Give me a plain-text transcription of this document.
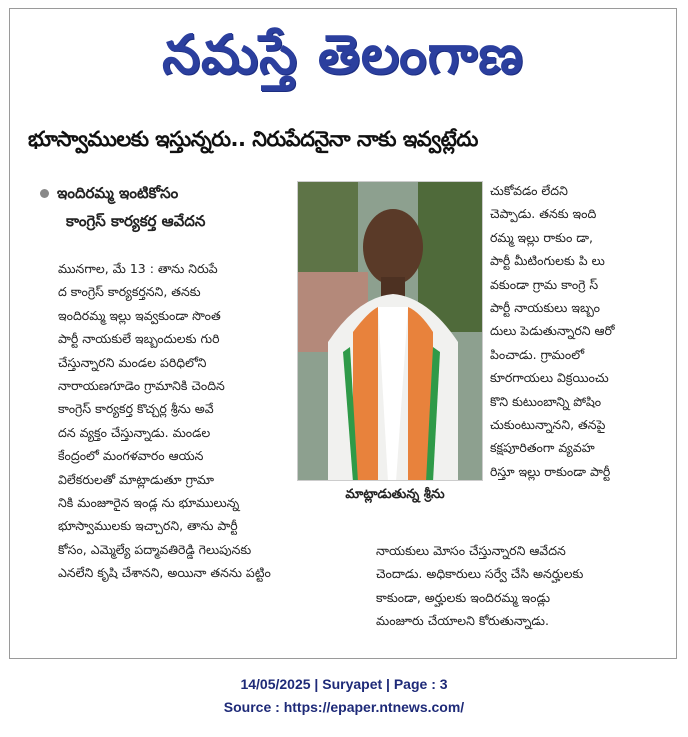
నమస్తే తెలంగాణ
భూస్వాములకు ఇస్తున్నరు.. నిరుపేదనైనా నాకు ఇవ్వట్లేదు
ఇందిరమ్మ ఇంటికోసం
కాంగ్రెస్ కార్యకర్త ఆవేదన

మునగాల, మే 13 : తాను నిరుపే

ద కాంగ్రెస్ కార్యకర్తనని, తనకు

ఇందిరమ్మ ఇల్లు ఇవ్వకుండా సొంత

పార్టీ నాయకులే ఇబ్బందులకు గురి

చేస్తున్నారని మండల పరిధిలోని

నారాయణగూడెం గ్రామానికి చెందిన

కాంగ్రెస్ కార్యకర్త కొచ్చర్ల శ్రీను అవే

దన వ్యక్తం చేస్తున్నాడు. మండల

కేంద్రంలో మంగళవారం ఆయన

విలేకరులతో మాట్లాడుతూ గ్రామా

నికి మంజూరైన ఇండ్ల ను భూములున్న

భూస్వాములకు ఇచ్చారని, తాను పార్టీ

కోసం, ఎమ్మెల్యే పద్మావతిరెడ్డి గెలుపునకు

ఎనలేని కృషి చేశానని, అయినా తనను పట్టిం

మాట్లాడుతున్న శ్రీను

చుకోవడం లేదని

చెప్పాడు. తనకు ఇంది

రమ్మ ఇల్లు రాకుం డా,

పార్టీ మీటింగులకు పి లు

వకుండా గ్రామ కాంగ్రె స్

పార్టీ నాయకులు ఇబ్బం

దులు పెడుతున్నారని ఆరో

పించాడు. గ్రామంలో

కూరగాయలు విక్రయించు

కొని కుటుంబాన్ని పోషిం

చుకుంటున్నానని, తనపై

కక్షపూరితంగా వ్యవహ

రిస్తూ ఇల్లు రాకుండా పార్టీ

నాయకులు మోసం చేస్తున్నారని ఆవేదన

చెందాడు. అధికారులు సర్వే చేసి అనర్హులకు

కాకుండా, అర్హులకు ఇందిరమ్మ ఇండ్లు

మంజూరు చేయాలని కోరుతున్నాడు.

14/05/2025 | Suryapet | Page : 3
Source : https://epaper.ntnews.com/
